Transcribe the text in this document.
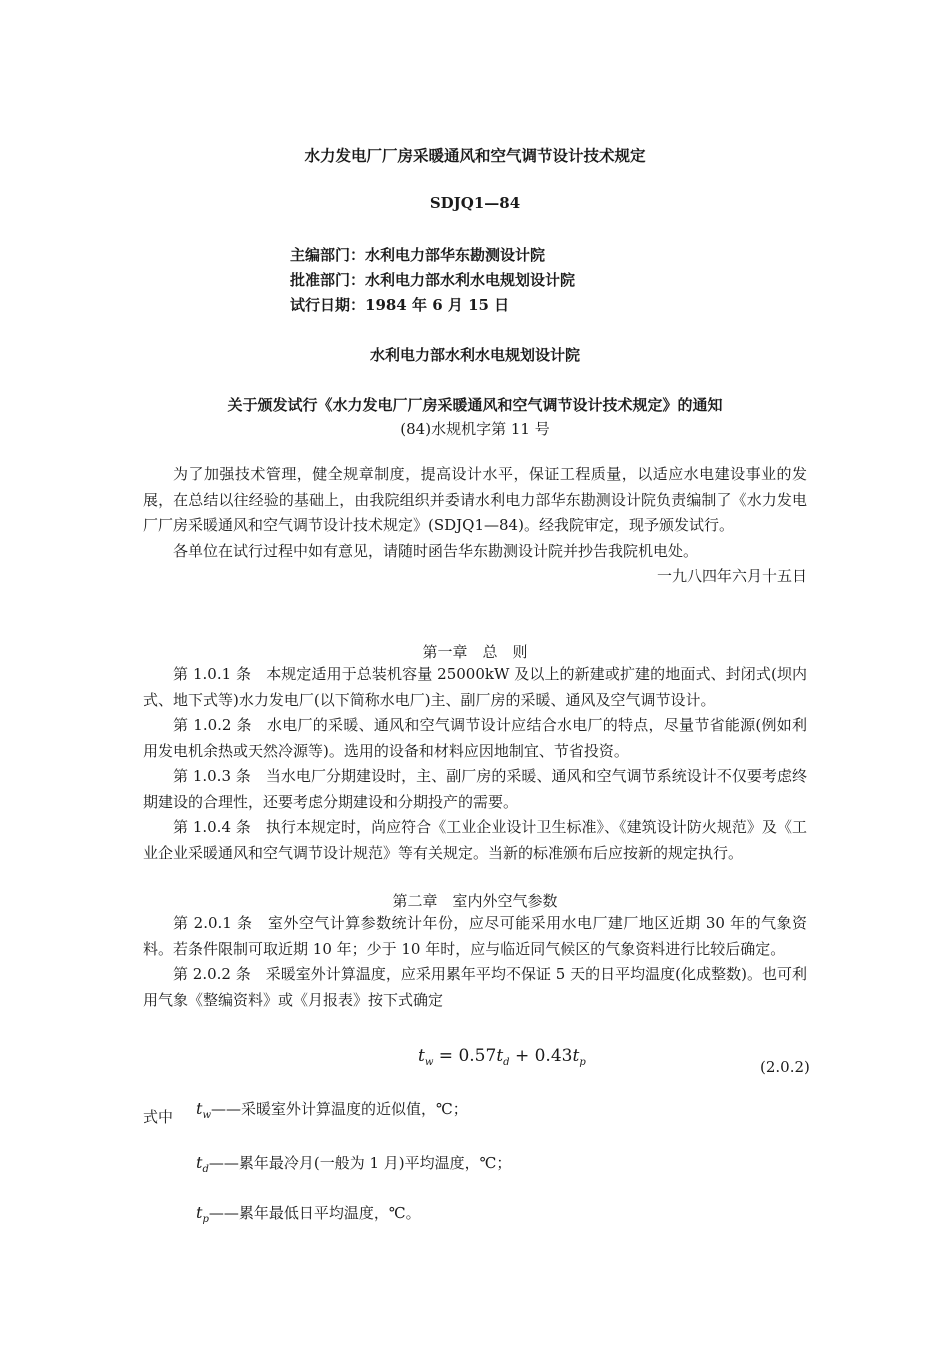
水力发电厂厂房采暖通风和空气调节设计技术规定
SDJQ1—84
主编部门：水利电力部华东勘测设计院
批准部门：水利电力部水利水电规划设计院
试行日期：1984 年 6 月 15 日
水利电力部水利水电规划设计院
关于颁发试行《水力发电厂厂房采暖通风和空气调节设计技术规定》的通知
(84)水规机字第 11 号

为了加强技术管理，健全规章制度，提高设计水平，保证工程质量，以适应水电建设事业的发展，在总结以往经验的基础上，由我院组织并委请水利电力部华东勘测设计院负责编制了《水力发电厂厂房采暖通风和空气调节设计技术规定》(SDJQ1—84)。经我院审定，现予颁发试行。

各单位在试行过程中如有意见，请随时函告华东勘测设计院并抄告我院机电处。

一九八四年六月十五日
第一章　总　则

第 1.0.1 条　本规定适用于总装机容量 25000kW 及以上的新建或扩建的地面式、封闭式(坝内式、地下式等)水力发电厂(以下简称水电厂)主、副厂房的采暖、通风及空气调节设计。

第 1.0.2 条　水电厂的采暖、通风和空气调节设计应结合水电厂的特点，尽量节省能源(例如利用发电机余热或天然冷源等)。选用的设备和材料应因地制宜、节省投资。

第 1.0.3 条　当水电厂分期建设时，主、副厂房的采暖、通风和空气调节系统设计不仅要考虑终期建设的合理性，还要考虑分期建设和分期投产的需要。

第 1.0.4 条　执行本规定时，尚应符合《工业企业设计卫生标准》、《建筑设计防火规范》及《工业企业采暖通风和空气调节设计规范》等有关规定。当新的标准颁布后应按新的规定执行。

第二章　室内外空气参数

第 2.0.1 条　室外空气计算参数统计年份，应尽可能采用水电厂建厂地区近期 30 年的气象资料。若条件限制可取近期 10 年；少于 10 年时，应与临近同气候区的气象资料进行比较后确定。

第 2.0.2 条　采暖室外计算温度，应采用累年平均不保证 5 天的日平均温度(化成整数)。也可利用气象《整编资料》或《月报表》按下式确定

$t_w = 0.57t_d + 0.43t_p$	(2.0.2)
式中 $t_w——$采暖室外计算温度的近似值，℃；
$t_d——$累年最冷月(一般为 1 月)平均温度，℃；
$t_p——$累年最低日平均温度，℃。
